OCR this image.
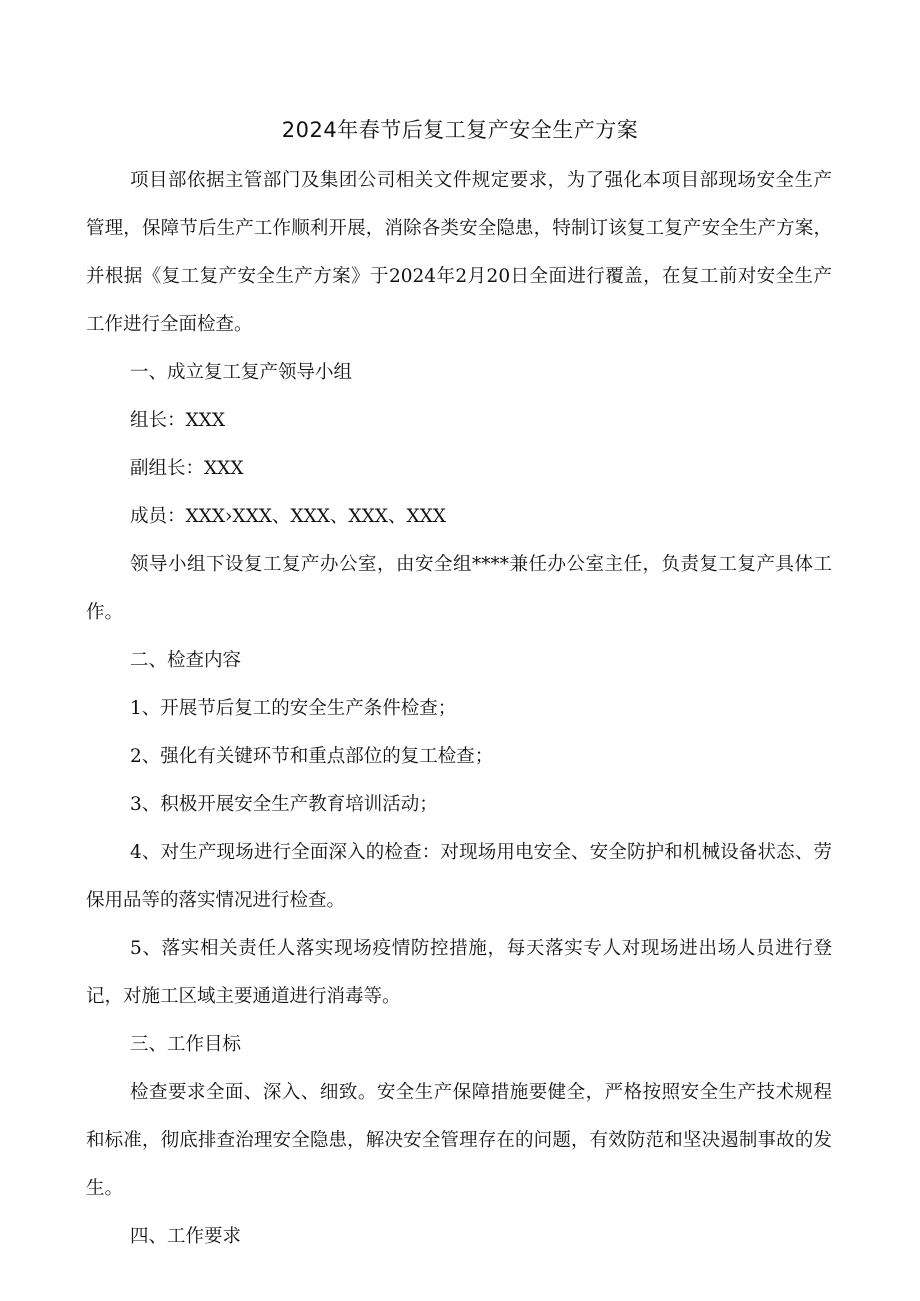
2024年春节后复工复产安全生产方案

项目部依据主管部门及集团公司相关文件规定要求，为了强化本项目部现场安全生产管理，保障节后生产工作顺利开展，消除各类安全隐患，特制订该复工复产安全生产方案，并根据《复工复产安全生产方案》于2024年2月20日全面进行覆盖，在复工前对安全生产工作进行全面检查。

一、成立复工复产领导小组

组长：XXX

副组长：XXX

成员：XXX›XXX、XXX、XXX、XXX

领导小组下设复工复产办公室，由安全组****兼任办公室主任，负责复工复产具体工作。

二、检查内容

1、开展节后复工的安全生产条件检查；

2、强化有关键环节和重点部位的复工检查；

3、积极开展安全生产教育培训活动；

4、对生产现场进行全面深入的检查：对现场用电安全、安全防护和机械设备状态、劳保用品等的落实情况进行检查。

5、落实相关责任人落实现场疫情防控措施，每天落实专人对现场进出场人员进行登记，对施工区域主要通道进行消毒等。

三、工作目标

检查要求全面、深入、细致。安全生产保障措施要健全，严格按照安全生产技术规程和标准，彻底排查治理安全隐患，解决安全管理存在的问题，有效防范和坚决遏制事故的发生。

四、工作要求
